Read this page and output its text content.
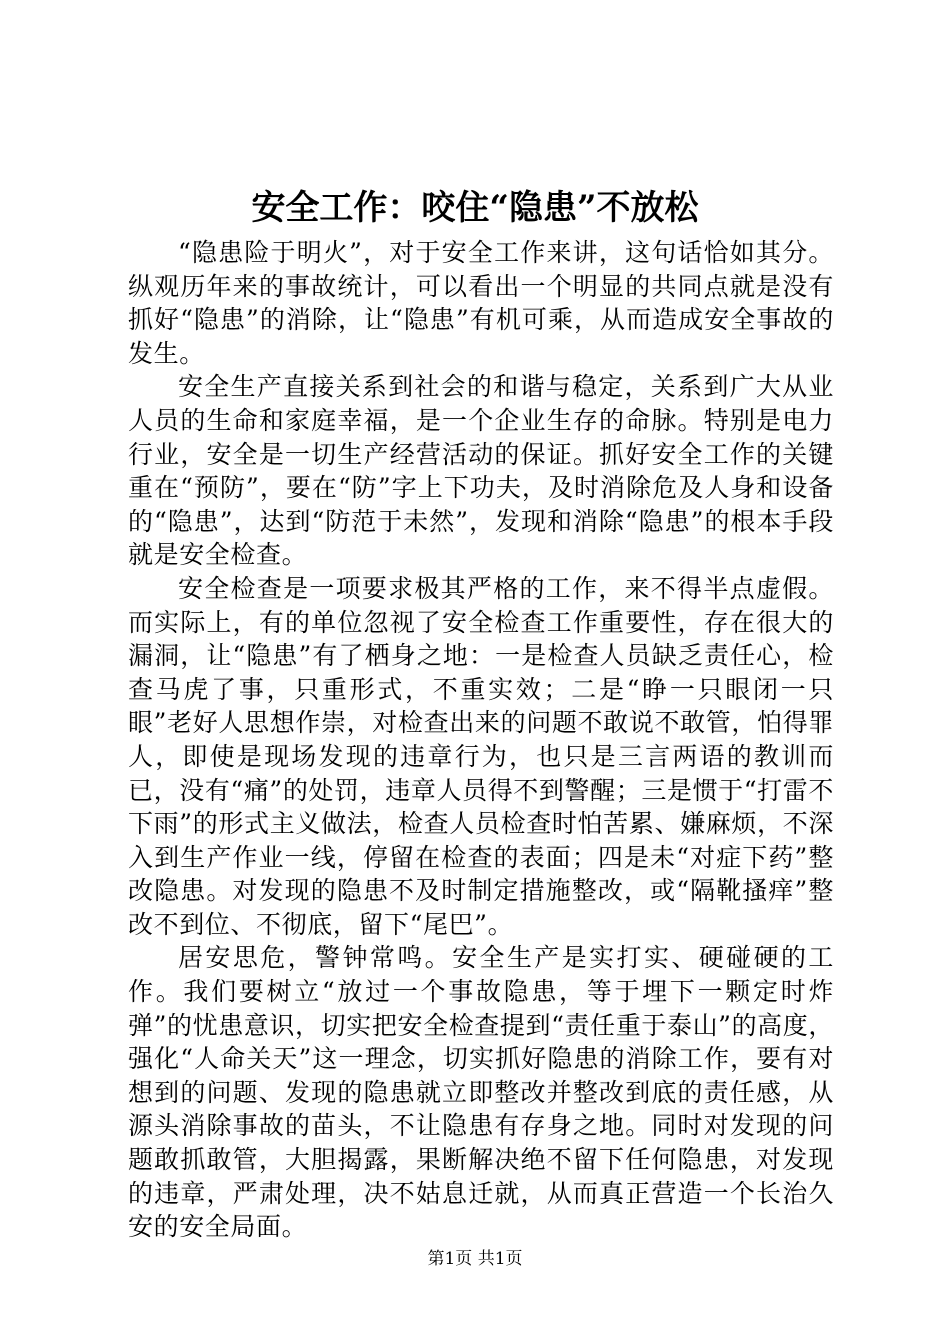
安全工作：咬住“隐患”不放松

“隐患险于明火”，对于安全工作来讲，这句话恰如其分。纵观历年来的事故统计，可以看出一个明显的共同点就是没有抓好“隐患”的消除，让“隐患”有机可乘，从而造成安全事故的发生。

安全生产直接关系到社会的和谐与稳定，关系到广大从业人员的生命和家庭幸福，是一个企业生存的命脉。特别是电力行业，安全是一切生产经营活动的保证。抓好安全工作的关键重在“预防”，要在“防”字上下功夫，及时消除危及人身和设备的“隐患”，达到“防范于未然”，发现和消除“隐患”的根本手段就是安全检查。

安全检查是一项要求极其严格的工作，来不得半点虚假。而实际上，有的单位忽视了安全检查工作重要性，存在很大的漏洞，让“隐患”有了栖身之地：一是检查人员缺乏责任心，检查马虎了事，只重形式，不重实效；二是“睁一只眼闭一只眼”老好人思想作崇，对检查出来的问题不敢说不敢管，怕得罪人，即使是现场发现的违章行为，也只是三言两语的教训而已，没有“痛”的处罚，违章人员得不到警醒；三是惯于“打雷不下雨”的形式主义做法，检查人员检查时怕苦累、嫌麻烦，不深入到生产作业一线，停留在检查的表面；四是未“对症下药”整改隐患。对发现的隐患不及时制定措施整改，或“隔靴搔痒”整改不到位、不彻底，留下“尾巴”。

居安思危，警钟常鸣。安全生产是实打实、硬碰硬的工作。我们要树立“放过一个事故隐患，等于埋下一颗定时炸弹”的忧患意识，切实把安全检查提到“责任重于泰山”的高度，强化“人命关天”这一理念，切实抓好隐患的消除工作，要有对想到的问题、发现的隐患就立即整改并整改到底的责任感，从源头消除事故的苗头，不让隐患有存身之地。同时对发现的问题敢抓敢管，大胆揭露，果断解决绝不留下任何隐患，对发现的违章，严肃处理，决不姑息迁就，从而真正营造一个长治久安的安全局面。

第1页 共1页
